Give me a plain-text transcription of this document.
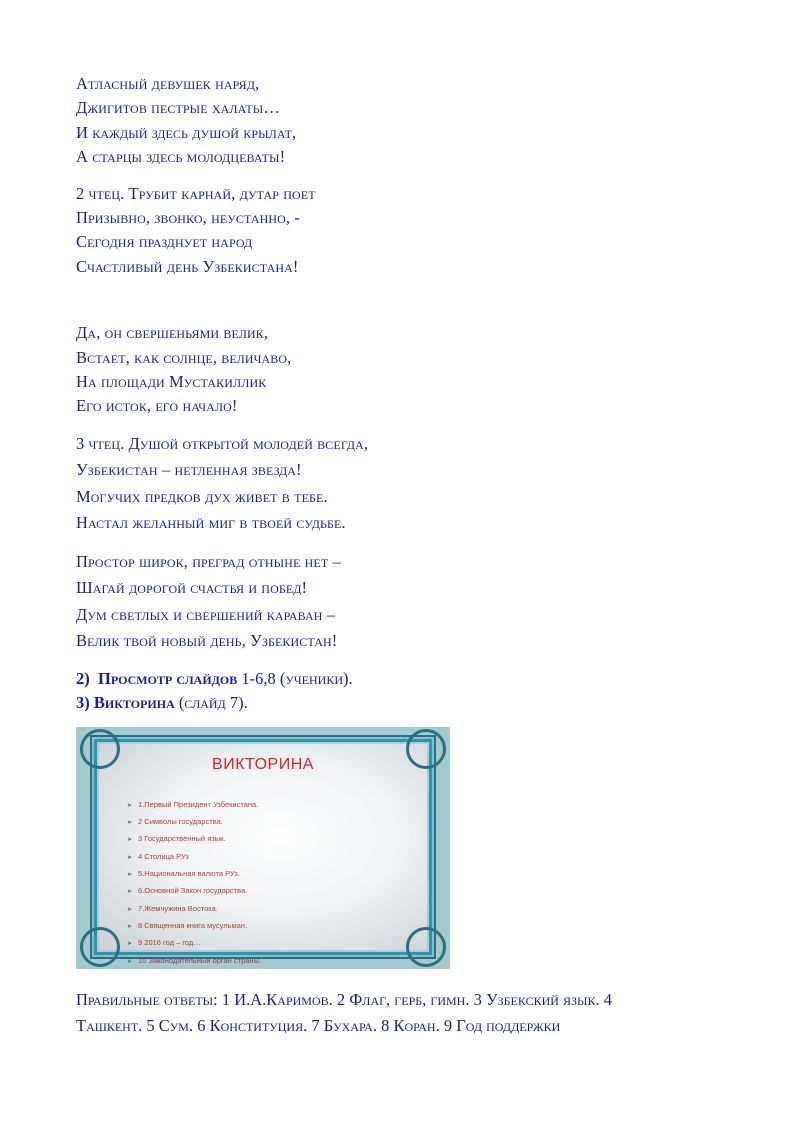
Атласный девушек наряд,
Джигитов пестрые халаты…
И каждый здесь душой крылат,
А старцы здесь молодцеваты!
2 чтец. Трубит карнай, дутар поет
Призывно, звонко, неустанно, -
Сегодня празднует народ
Счастливый день Узбекистана!
Да, он свершеньями велик,
Встает, как солнце, величаво,
На площади Мустакиллик
Его исток, его начало!
3 чтец. Душой открытой молодей всегда,
Узбекистан – нетленная звезда!
Могучих предков дух живет в тебе.
Настал желанный миг в твоей судьбе.
Простор широк, преград отныне нет –
Шагай дорогой счастья и побед!
Дум светлых и свершений караван –
Велик твой новый день, Узбекистан!
2) Просмотр слайдов 1-6,8 (ученики).
3) Викторина (слайд 7).
ВИКТОРИНА
➤ 1.Первый Президент Узбекистана.
➤ 2 Символы государства.
➤ 3 Государственный язык.
➤ 4 Столица РУз
➤ 5.Национальная валюта РУз.
➤ 6.Основной Закон государства.
➤ 7.Жемчужина Востока.
➤ 8 Священная книга мусульман.
➤ 9 2016 год – год…
➤ 10 Законодательный орган страны.
Правильные ответы: 1 И.А.Каримов. 2 Флаг, герб, гимн. 3 Узбекский язык. 4
Ташкент. 5 Сум. 6 Конституция. 7 Бухара. 8 Коран. 9 Год поддержки
